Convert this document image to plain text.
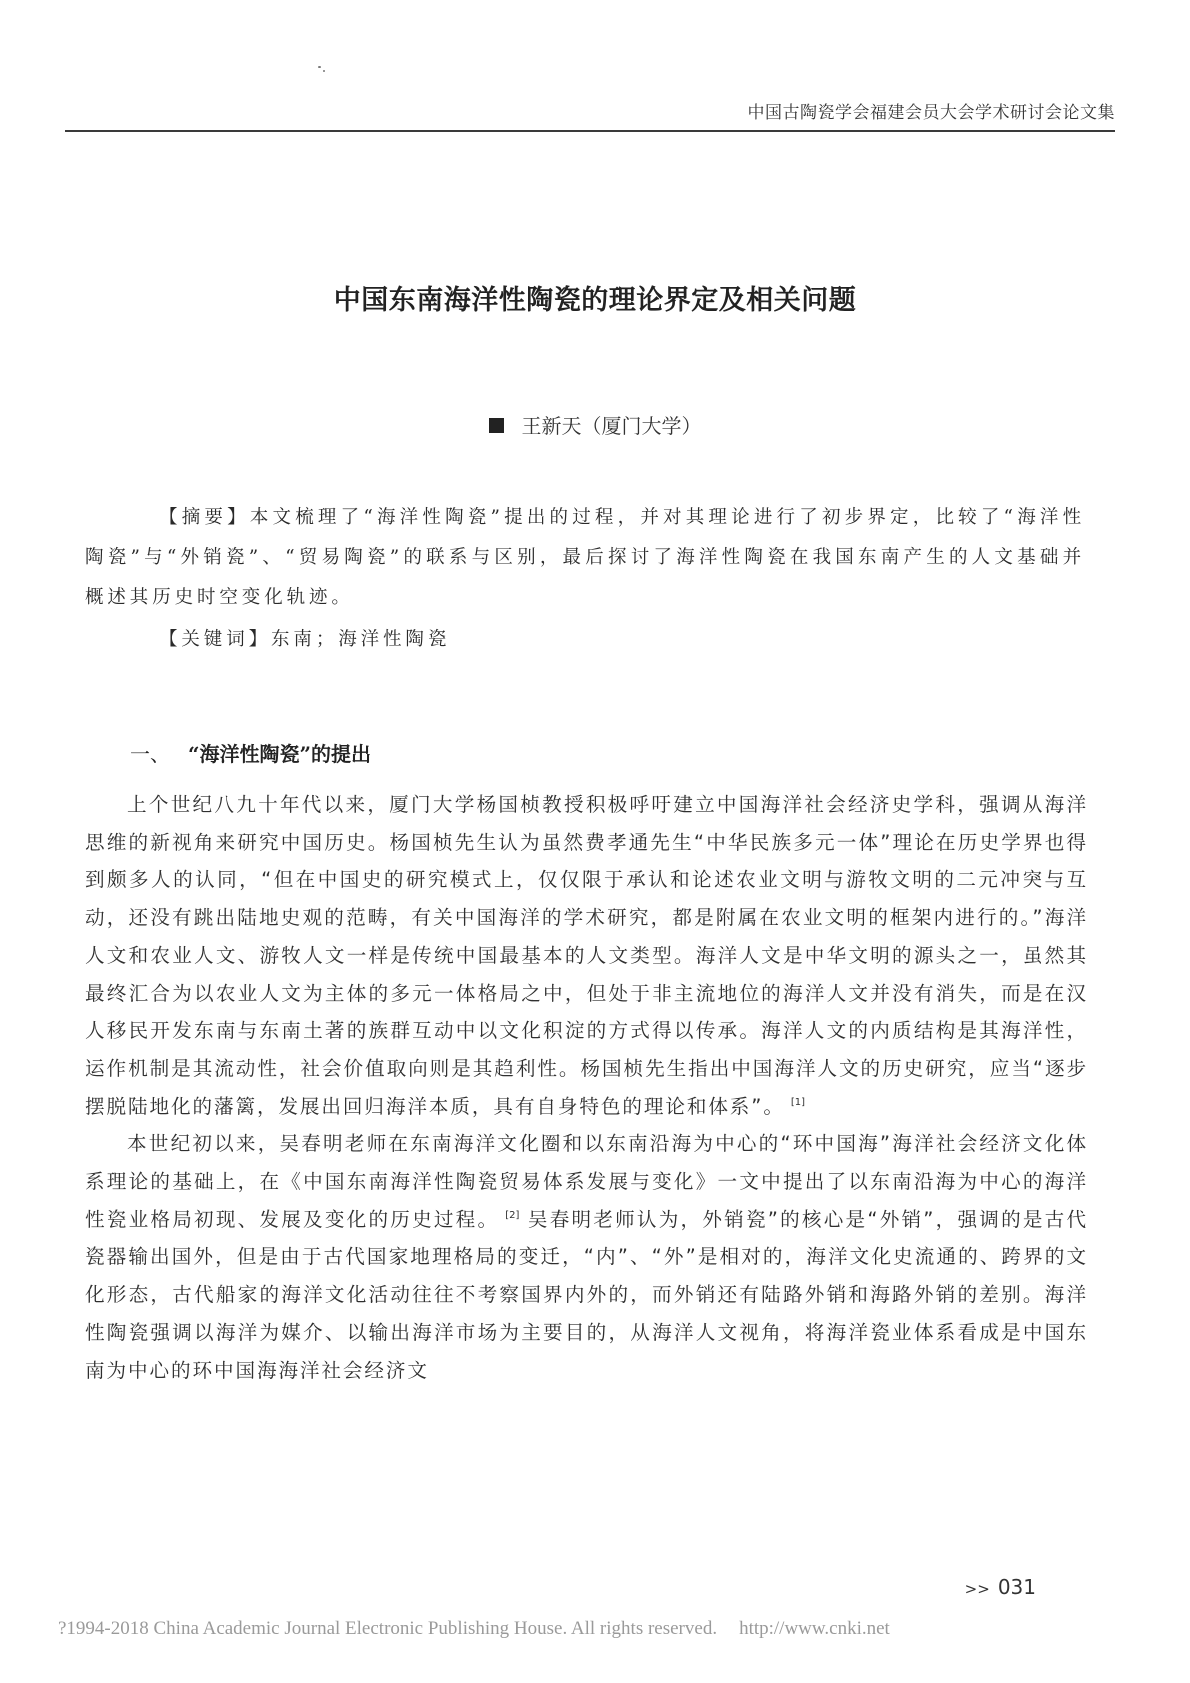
中国古陶瓷学会福建会员大会学术研讨会论文集
中国东南海洋性陶瓷的理论界定及相关问题
王新天（厦门大学）

【摘要】本文梳理了“海洋性陶瓷”提出的过程，并对其理论进行了初步界定，比较了“海洋性陶瓷”与“外销瓷”、“贸易陶瓷”的联系与区别，最后探讨了海洋性陶瓷在我国东南产生的人文基础并概述其历史时空变化轨迹。

【关键词】东南；海洋性陶瓷
一、 “海洋性陶瓷”的提出

上个世纪八九十年代以来，厦门大学杨国桢教授积极呼吁建立中国海洋社会经济史学科，强调从海洋思维的新视角来研究中国历史。杨国桢先生认为虽然费孝通先生“中华民族多元一体”理论在历史学界也得到颇多人的认同，“但在中国史的研究模式上，仅仅限于承认和论述农业文明与游牧文明的二元冲突与互动，还没有跳出陆地史观的范畴，有关中国海洋的学术研究，都是附属在农业文明的框架内进行的。”海洋人文和农业人文、游牧人文一样是传统中国最基本的人文类型。海洋人文是中华文明的源头之一，虽然其最终汇合为以农业人文为主体的多元一体格局之中，但处于非主流地位的海洋人文并没有消失，而是在汉人移民开发东南与东南土著的族群互动中以文化积淀的方式得以传承。海洋人文的内质结构是其海洋性，运作机制是其流动性，社会价值取向则是其趋利性。杨国桢先生指出中国海洋人文的历史研究，应当“逐步摆脱陆地化的藩篱，发展出回归海洋本质，具有自身特色的理论和体系”。 [1]

本世纪初以来，吴春明老师在东南海洋文化圈和以东南沿海为中心的“环中国海”海洋社会经济文化体系理论的基础上，在《中国东南海洋性陶瓷贸易体系发展与变化》一文中提出了以东南沿海为中心的海洋性瓷业格局初现、发展及变化的历史过程。 [2] 吴春明老师认为，外销瓷”的核心是“外销”，强调的是古代瓷器输出国外，但是由于古代国家地理格局的变迁，“内”、“外”是相对的，海洋文化史流通的、跨界的文化形态，古代船家的海洋文化活动往往不考察国界内外的，而外销还有陆路外销和海路外销的差别。海洋性陶瓷强调以海洋为媒介、以输出海洋市场为主要目的，从海洋人文视角，将海洋瓷业体系看成是中国东南为中心的环中国海海洋社会经济文

>> 031
?1994-2018 China Academic Journal Electronic Publishing House. All rights reserved. http://www.cnki.net
